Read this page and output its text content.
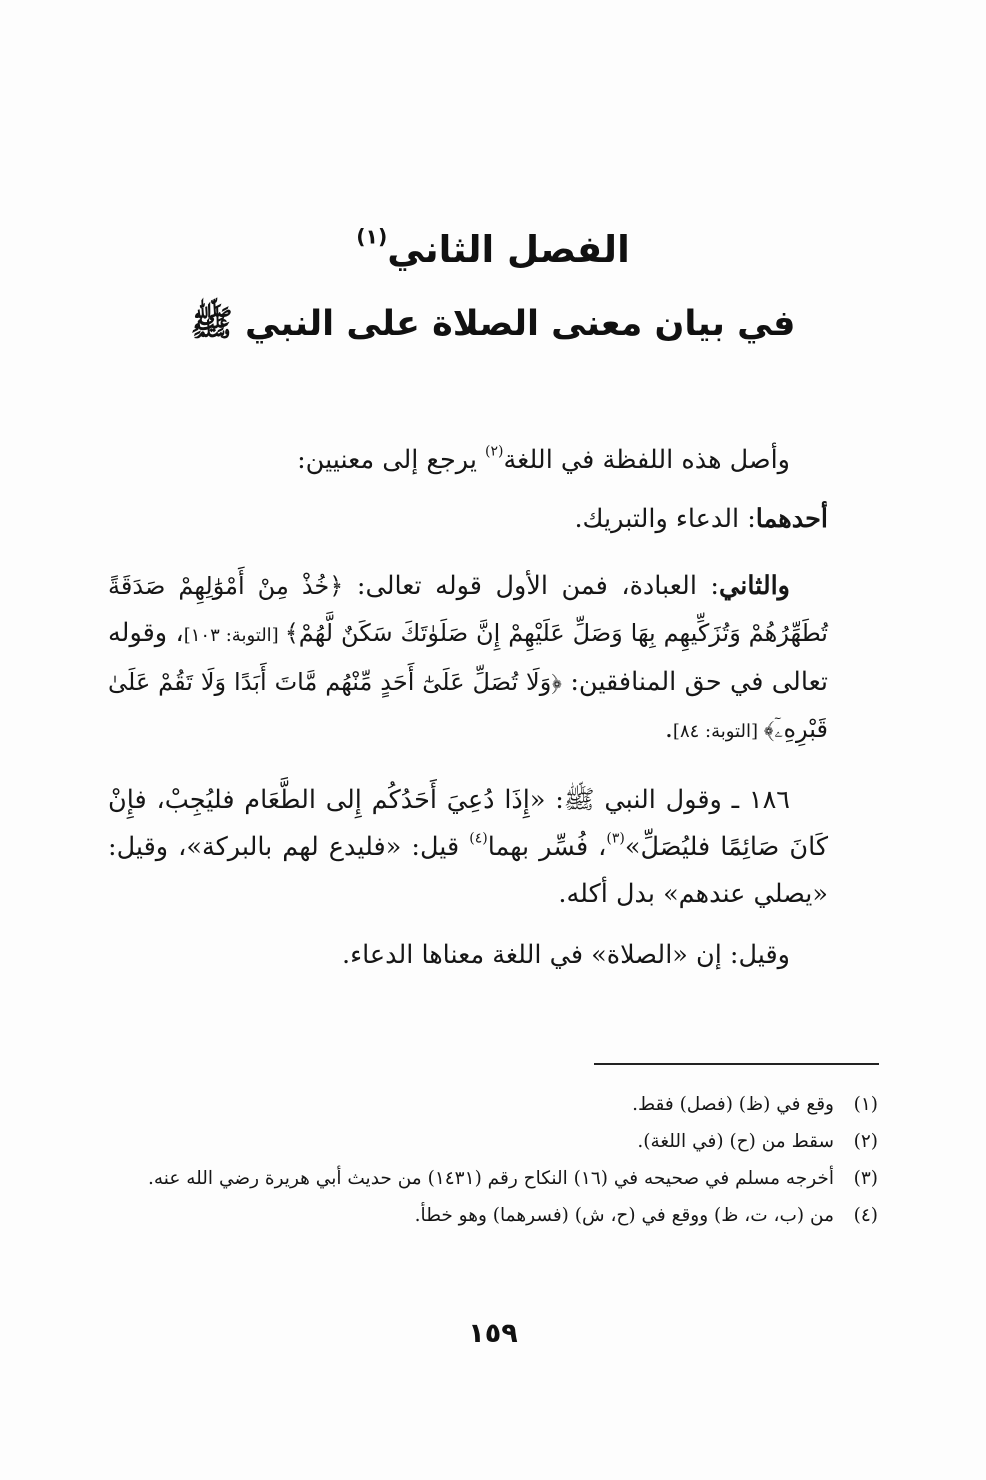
الفصل الثاني$^{(١)}$
في بيان معنى الصلاة على النبي ﷺ

وأصل هذه اللفظة في اللغة$^{(٢)}$ يرجع إلى معنيين:

أحدهما: الدعاء والتبريك.

والثاني: العبادة، فمن الأول قوله تعالى: ﴿خُذْ مِنْ أَمْوَٰلِهِمْ صَدَقَةً تُطَهِّرُهُمْ وَتُزَكِّيهِم بِهَا وَصَلِّ عَلَيْهِمْ إِنَّ صَلَوٰتَكَ سَكَنٌ لَّهُمْ﴾ [التوبة: ١٠٣]، وقوله تعالى في حق المنافقين: ﴿وَلَا تُصَلِّ عَلَىٰٓ أَحَدٍ مِّنْهُم مَّاتَ أَبَدًا وَلَا تَقُمْ عَلَىٰ قَبْرِهِۦٓ﴾ [التوبة: ٨٤].

١٨٦ ـ وقول النبي ﷺ: «إِذَا دُعِيَ أَحَدُكُم إِلى الطَّعَام فليُجِبْ، فإِنْ كَانَ صَائِمًا فليُصَلِّ»$^{(٣)}$، فُسِّر بهما$^{(٤)}$ قيل: «فليدع لهم بالبركة»، وقيل: «يصلي عندهم» بدل أكله.

وقيل: إن «الصلاة» في اللغة معناها الدعاء.

(١)
وقع في (ظ) (فصل) فقط.
(٢)
سقط من (ح) (في اللغة).
(٣)
أخرجه مسلم في صحيحه في (١٦) النكاح رقم (١٤٣١) من حديث أبي هريرة رضي الله عنه.
(٤)
من (ب، ت، ظ) ووقع في (ح، ش) (فسرهما) وهو خطأ.
١٥٩
